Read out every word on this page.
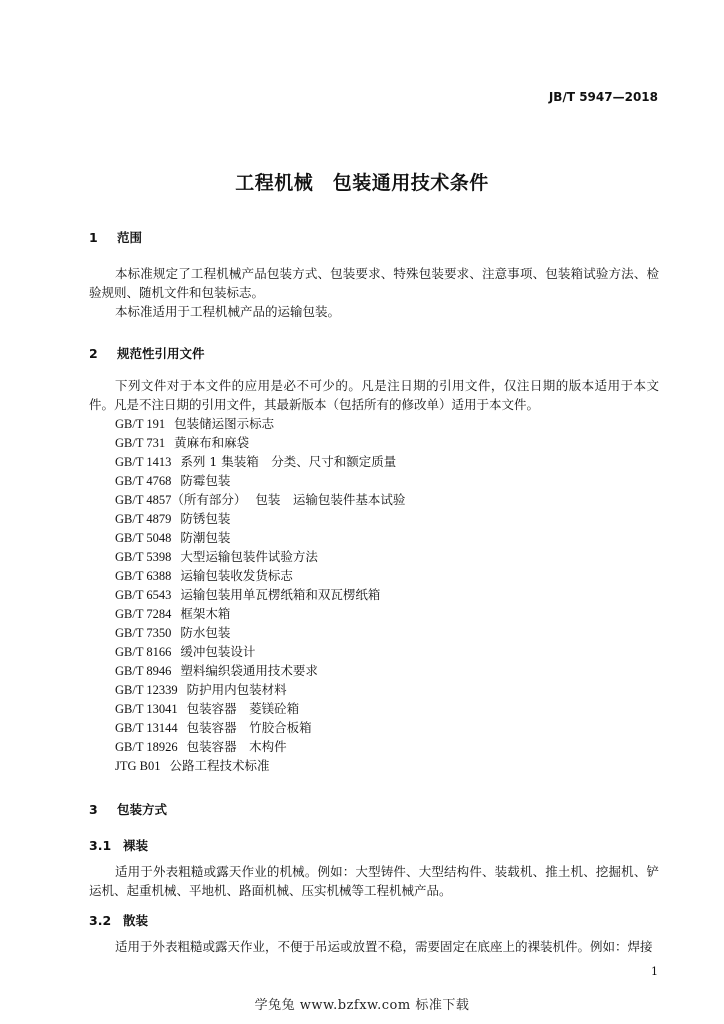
JB/T 5947—2018
工程机械　包装通用技术条件
1 范围

本标准规定了工程机械产品包装方式、包装要求、特殊包装要求、注意事项、包装箱试验方法、检验规则、随机文件和包装标志。

本标准适用于工程机械产品的运输包装。

2 规范性引用文件

下列文件对于本文件的应用是必不可少的。凡是注日期的引用文件，仅注日期的版本适用于本文件。凡是不注日期的引用文件，其最新版本（包括所有的修改单）适用于本文件。

GB/T 191 包装储运图示标志
GB/T 731 黄麻布和麻袋
GB/T 1413 系列 1 集装箱　分类、尺寸和额定质量
GB/T 4768 防霉包装
GB/T 4857（所有部分） 包装　运输包装件基本试验
GB/T 4879 防锈包装
GB/T 5048 防潮包装
GB/T 5398 大型运输包装件试验方法
GB/T 6388 运输包装收发货标志
GB/T 6543 运输包装用单瓦楞纸箱和双瓦楞纸箱
GB/T 7284 框架木箱
GB/T 7350 防水包装
GB/T 8166 缓冲包装设计
GB/T 8946 塑料编织袋通用技术要求
GB/T 12339 防护用内包装材料
GB/T 13041 包装容器　菱镁砼箱
GB/T 13144 包装容器　竹胶合板箱
GB/T 18926 包装容器　木构件
JTG B01 公路工程技术标准
3 包装方式
3.1 裸装

适用于外表粗糙或露天作业的机械。例如：大型铸件、大型结构件、装载机、推土机、挖掘机、铲运机、起重机械、平地机、路面机械、压实机械等工程机械产品。

3.2 散装

适用于外表粗糙或露天作业，不便于吊运或放置不稳，需要固定在底座上的裸装机件。例如：焊接

1
学兔兔 www.bzfxw.com 标准下载
